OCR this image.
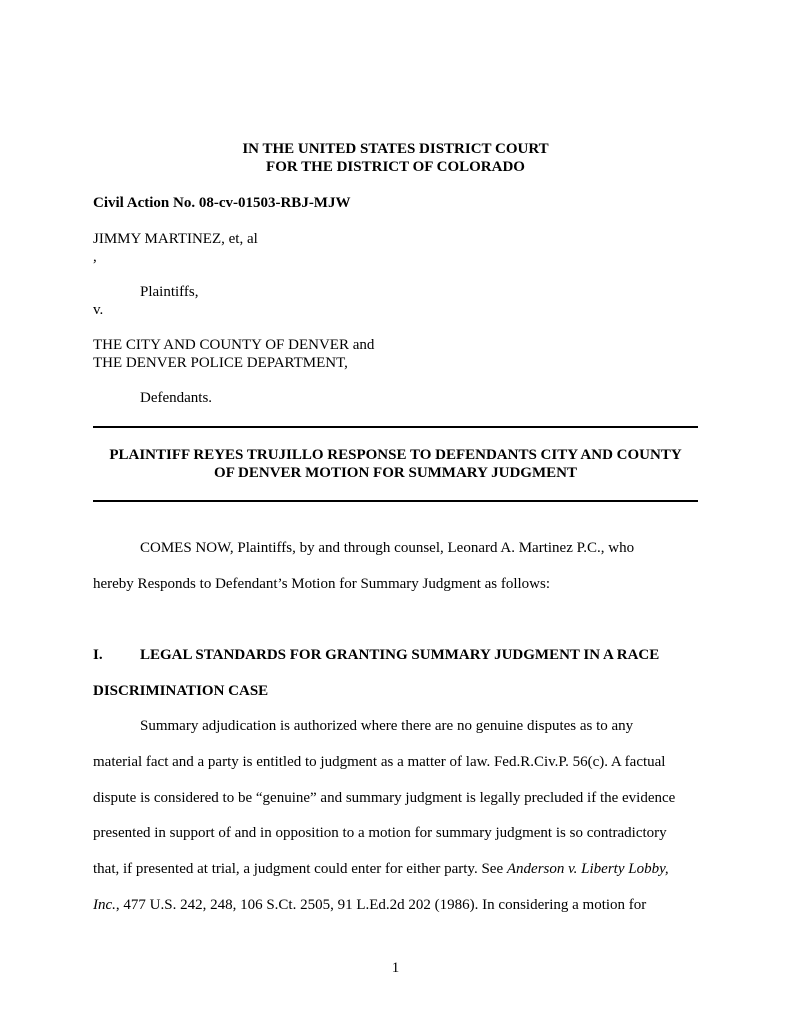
IN THE UNITED STATES DISTRICT COURT
FOR THE DISTRICT OF COLORADO
Civil Action No. 08-cv-01503-RBJ-MJW
JIMMY MARTINEZ, et, al
,
Plaintiffs,
v.
THE CITY AND COUNTY OF DENVER and
THE DENVER POLICE DEPARTMENT,
Defendants.
PLAINTIFF REYES TRUJILLO RESPONSE TO DEFENDANTS CITY AND COUNTY
OF DENVER MOTION FOR SUMMARY JUDGMENT
COMES NOW, Plaintiffs, by and through counsel, Leonard A. Martinez P.C., who
hereby Responds to Defendant’s Motion for Summary Judgment as follows:
I. LEGAL STANDARDS FOR GRANTING SUMMARY JUDGMENT IN A RACE
DISCRIMINATION CASE
Summary adjudication is authorized where there are no genuine disputes as to any
material fact and a party is entitled to judgment as a matter of law. Fed.R.Civ.P. 56(c). A factual
dispute is considered to be “genuine” and summary judgment is legally precluded if the evidence
presented in support of and in opposition to a motion for summary judgment is so contradictory
that, if presented at trial, a judgment could enter for either party. See Anderson v. Liberty Lobby,
Inc., 477 U.S. 242, 248, 106 S.Ct. 2505, 91 L.Ed.2d 202 (1986). In considering a motion for
1
